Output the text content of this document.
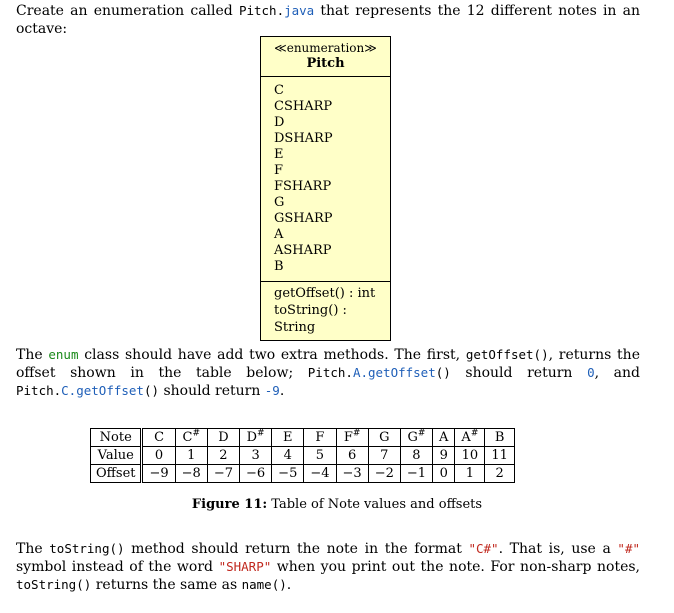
Create an enumeration called Pitch.java that represents the 12 different notes in an octave:
≪enumeration≫
Pitch
C
CSHARP
D
DSHARP
E
F
FSHARP
G
GSHARP
A
ASHARP
B
getOffset() : int
toString() : String
The enum class should have add two extra methods. The first, getOffset(), returns the offset shown in the table below; Pitch.A.getOffset() should return 0, and Pitch.C.getOffset() should return -9.
Note	C	C#	D	D#	E	F	F#	G	G#	A	A#	B
Value	0	1	2	3	4	5	6	7	8	9	10	11
Offset	−9	−8	−7	−6	−5	−4	−3	−2	−1	0	1	2
Figure 11: Table of Note values and offsets
The toString() method should return the note in the format "C#". That is, use a "#" symbol instead of the word "SHARP" when you print out the note. For non-sharp notes, toString() returns the same as name().
